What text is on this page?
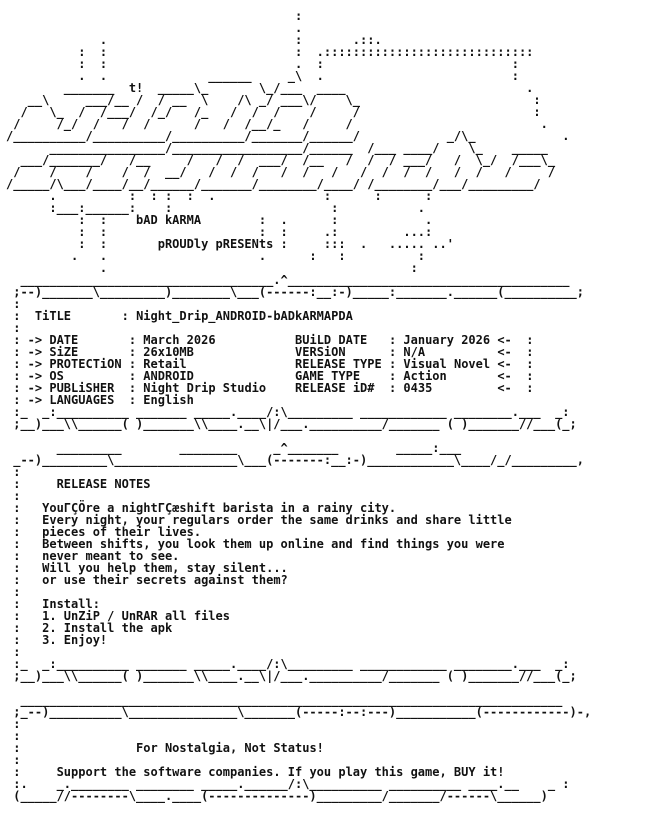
:
.
.                          :       .::.
:  :                          :  .:::::::::::::::::::::::::::::
:  :                          .  :                          :
.  .              ______     _\  .                          :
_______  t!  _____\_       \_/___  ____                         .
__\     ___/__ /  / __  \    /\ _/ ___\/    \_                        :
/   \_  /  /___/  /_/   /_   /  /  /    /     /                        :
/     /_/  /   /  /      /   /  /__/_   /     /                          .
/__________/__________/__________/_______/______/            _/\_            .
________________/__________________/______  /___ ____/    \_    _____
___/_______/   /__     /   /  /  ___/  /__   /  /  / ___/   /  \_/  /___\_
/    /    /    /  /  __/   /  /  /   /  /   /   /  /  /  /   /  /   /     /
/_____/\___/____/__/______/_______/________/____/ /________/___/_________/
.          :  : :  :  .               :      :      :
:___:______:    :                      :           .
:  :    bAD kARMA        :  .      :            .
:  :                     :  :     .:         ...:
:  :       pROUDly pRESENts :     :::  .   ..... ..'
.   .                     .      :   :          :
.                                          :
___________________________________.^_______________________________________
;--)_______\_________)________\___(------:__:-)_____:_______.______(__________;
:
:  TiTLE       : Night_Drip_ANDROID-bADkARMAPDA
:
: -> DATE       : March 2026           BUiLD DATE   : January 2026 <-  :
: -> SiZE       : 26x10MB              VERSiON      : N/A          <-  :
: -> PROTECTiON : Retail               RELEASE TYPE : Visual Novel <-  :
: -> OS         : ANDROID              GAME TYPE    : Action       <-  :
: -> PUBLiSHER  : Night Drip Studio    RELEASE iD#  : 0435         <-  :
: -> LANGUAGES  : English
:_  _:__________ _______ _____.____/:\_________ ____________ ________.___  _:
;__)___\\______( )_______\\____.__\|/___.__________/_______ ( )_______//___(_;

_________        ________     _^_______        _____:___
_--)_________\_________________\___(-------:__:-)____________\____/_/_________,
:
:     RELEASE NOTES
:
:   YouΓÇÖre a nightΓÇæshift barista in a rainy city.
:   Every night, your regulars order the same drinks and share little
:   pieces of their lives.
:   Between shifts, you look them up online and find things you were
:   never meant to see.
:   Will you help them, stay silent...
:   or use their secrets against them?
:
:   Install:
:   1. UnZiP / UnRAR all files
:   2. Install the apk
:   3. Enjoy!
:
:_  _:__________ _______ _____.____/:\_________ ____________ ________.___  _:
;__)___\\______( )_______\\____.__\|/___.__________/_______ ( )_______//___(_;

___________________________________________________________________________
;_--)__________\_______________\_______(-----:--:---)___________(------------)-,
:
:
:                For Nostalgia, Not Status!
:
:     Support the software companies. If you play this game, BUY it!
:.    _.________ ________ _____.______/:\__________ __________ ____.__    _ :
(_____//--------\____.____(--------------)_________/_______/------\______)
